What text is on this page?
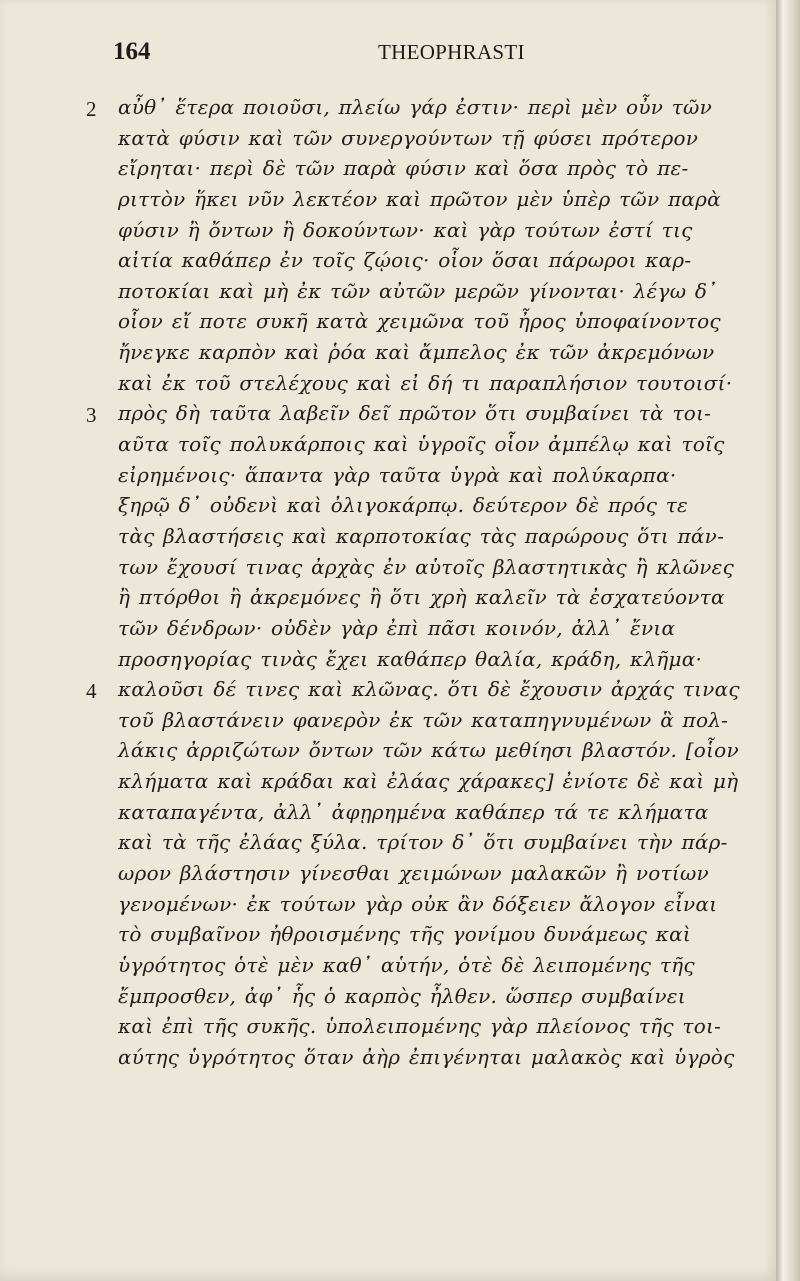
164	THEOPHRASTI
2 αὖθ᾽ ἕτερα ποιοῦσι, πλείω γάρ ἐστιν· περὶ μὲν οὖν τῶν
κατὰ φύσιν καὶ τῶν συνεργούντων τῇ φύσει πρότερον
εἴρηται· περὶ δὲ τῶν παρὰ φύσιν καὶ ὅσα πρὸς τὸ πε-
ριττὸν ἥκει νῦν λεκτέον καὶ πρῶτον μὲν ὑπὲρ τῶν παρὰ
φύσιν ἢ ὄντων ἢ δοκούντων· καὶ γὰρ τούτων ἐστί τις
αἰτία καθάπερ ἐν τοῖς ζῴοις· οἷον ὅσαι πάρωροι καρ-
ποτοκίαι καὶ μὴ ἐκ τῶν αὐτῶν μερῶν γίνονται· λέγω δ᾽
οἷον εἴ ποτε συκῆ κατὰ χειμῶνα τοῦ ἦρος ὑποφαίνοντος
ἤνεγκε καρπὸν καὶ ῥόα καὶ ἄμπελος ἐκ τῶν ἀκρεμόνων
καὶ ἐκ τοῦ στελέχους καὶ εἰ δή τι παραπλήσιον τουτοισί·
3 πρὸς δὴ ταῦτα λαβεῖν δεῖ πρῶτον ὅτι συμβαίνει τὰ τοι-
αῦτα τοῖς πολυκάρποις καὶ ὑγροῖς οἷον ἀμπέλῳ καὶ τοῖς
εἰρημένοις· ἅπαντα γὰρ ταῦτα ὑγρὰ καὶ πολύκαρπα·
ξηρῷ δ᾽ οὐδενὶ καὶ ὀλιγοκάρπῳ. δεύτερον δὲ πρός τε
τὰς βλαστήσεις καὶ καρποτοκίας τὰς παρώρους ὅτι πάν-
των ἔχουσί τινας ἀρχὰς ἐν αὑτοῖς βλαστητικὰς ἢ κλῶνες
ἢ πτόρθοι ἢ ἀκρεμόνες ἢ ὅτι χρὴ καλεῖν τὰ ἐσχατεύοντα
τῶν δένδρων· οὐδὲν γὰρ ἐπὶ πᾶσι κοινόν, ἀλλ᾽ ἔνια
προσηγορίας τινὰς ἔχει καθάπερ θαλία, κράδη, κλῆμα·
4 καλοῦσι δέ τινες καὶ κλῶνας. ὅτι δὲ ἔχουσιν ἀρχάς τινας
τοῦ βλαστάνειν φανερὸν ἐκ τῶν καταπηγνυμένων ἃ πολ-
λάκις ἀρριζώτων ὄντων τῶν κάτω μεθίησι βλαστόν. [οἷον
κλήματα καὶ κράδαι καὶ ἐλάας χάρακες] ἐνίοτε δὲ καὶ μὴ
καταπαγέντα, ἀλλ᾽ ἀφῃρημένα καθάπερ τά τε κλήματα
καὶ τὰ τῆς ἐλάας ξύλα. τρίτον δ᾽ ὅτι συμβαίνει τὴν πάρ-
ωρον βλάστησιν γίνεσθαι χειμώνων μαλακῶν ἢ νοτίων
γενομένων· ἐκ τούτων γὰρ οὐκ ἂν δόξειεν ἄλογον εἶναι
τὸ συμβαῖνον ἠθροισμένης τῆς γονίμου δυνάμεως καὶ
ὑγρότητος ὁτὲ μὲν καθ᾽ αὑτήν, ὁτὲ δὲ λειπομένης τῆς
ἔμπροσθεν, ἀφ᾽ ἧς ὁ καρπὸς ἦλθεν. ὥσπερ συμβαίνει
καὶ ἐπὶ τῆς συκῆς. ὑπολειπομένης γὰρ πλείονος τῆς τοι-
αύτης ὑγρότητος ὅταν ἀὴρ ἐπιγένηται μαλακὸς καὶ ὑγρὸς
